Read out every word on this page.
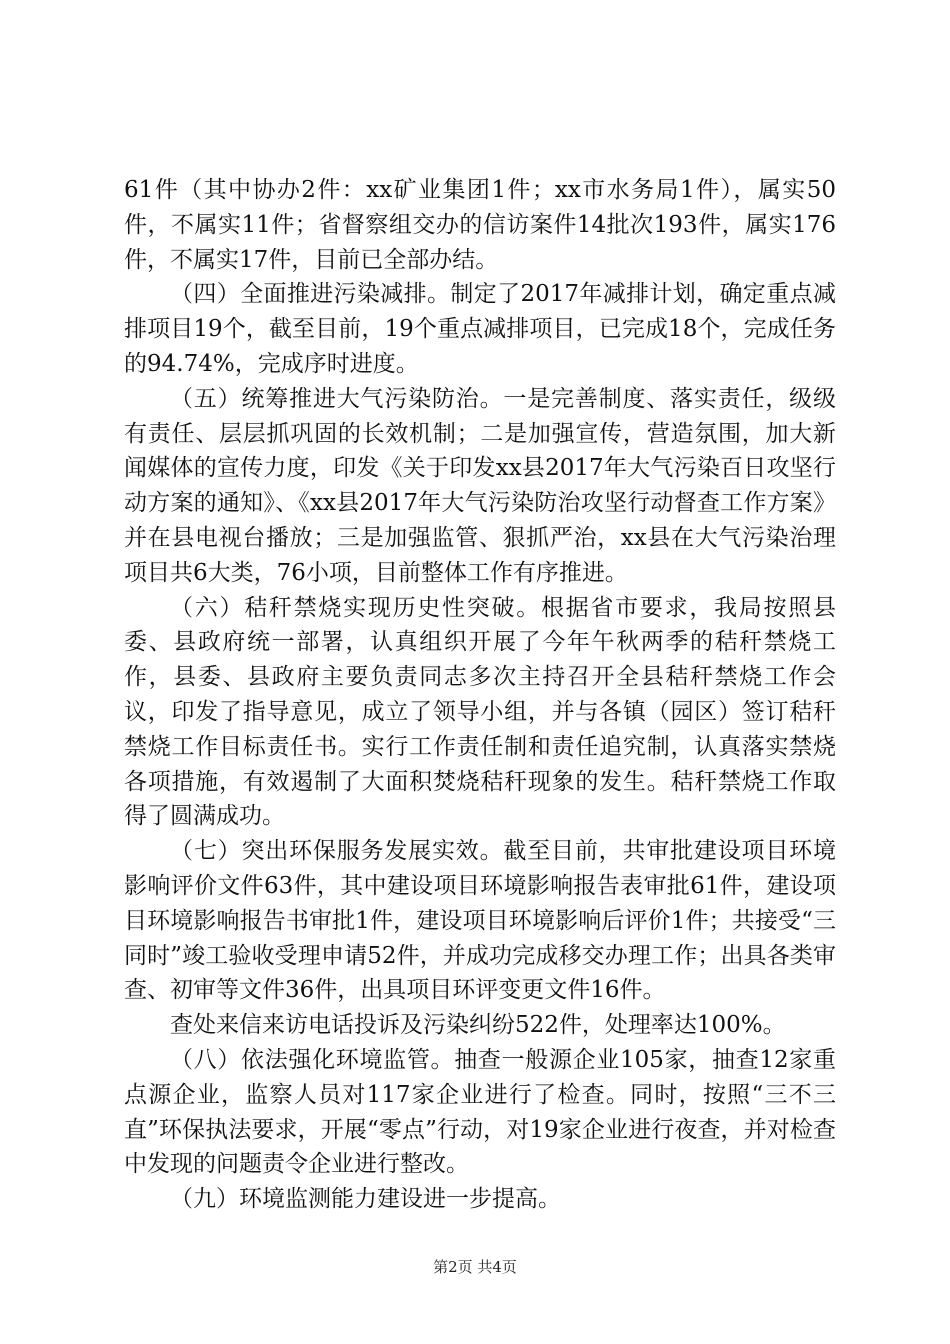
61件（其中协办2件：xx矿业集团1件；xx市水务局1件），属实50件，不属实11件；省督察组交办的信访案件14批次193件，属实176件，不属实17件，目前已全部办结。

（四）全面推进污染减排。制定了2017年减排计划，确定重点减排项目19个，截至目前，19个重点减排项目，已完成18个，完成任务的94.74%，完成序时进度。

（五）统筹推进大气污染防治。一是完善制度、落实责任，级级有责任、层层抓巩固的长效机制；二是加强宣传，营造氛围，加大新闻媒体的宣传力度，印发《关于印发xx县2017年大气污染百日攻坚行动方案的通知》、《xx县2017年大气污染防治攻坚行动督查工作方案》并在县电视台播放；三是加强监管、狠抓严治，xx县在大气污染治理项目共6大类，76小项，目前整体工作有序推进。

（六）秸秆禁烧实现历史性突破。根据省市要求，我局按照县委、县政府统一部署，认真组织开展了今年午秋两季的秸秆禁烧工作，县委、县政府主要负责同志多次主持召开全县秸秆禁烧工作会议，印发了指导意见，成立了领导小组，并与各镇（园区）签订秸秆禁烧工作目标责任书。实行工作责任制和责任追究制，认真落实禁烧各项措施，有效遏制了大面积焚烧秸秆现象的发生。秸秆禁烧工作取得了圆满成功。

（七）突出环保服务发展实效。截至目前，共审批建设项目环境影响评价文件63件，其中建设项目环境影响报告表审批61件，建设项目环境影响报告书审批1件，建设项目环境影响后评价1件；共接受“三同时”竣工验收受理申请52件，并成功完成移交办理工作；出具各类审查、初审等文件36件，出具项目环评变更文件16件。

查处来信来访电话投诉及污染纠纷522件，处理率达100%。

（八）依法强化环境监管。抽查一般源企业105家，抽查12家重点源企业，监察人员对117家企业进行了检查。同时，按照“三不三直”环保执法要求，开展“零点”行动，对19家企业进行夜查，并对检查中发现的问题责令企业进行整改。

（九）环境监测能力建设进一步提高。

第2页 共4页
